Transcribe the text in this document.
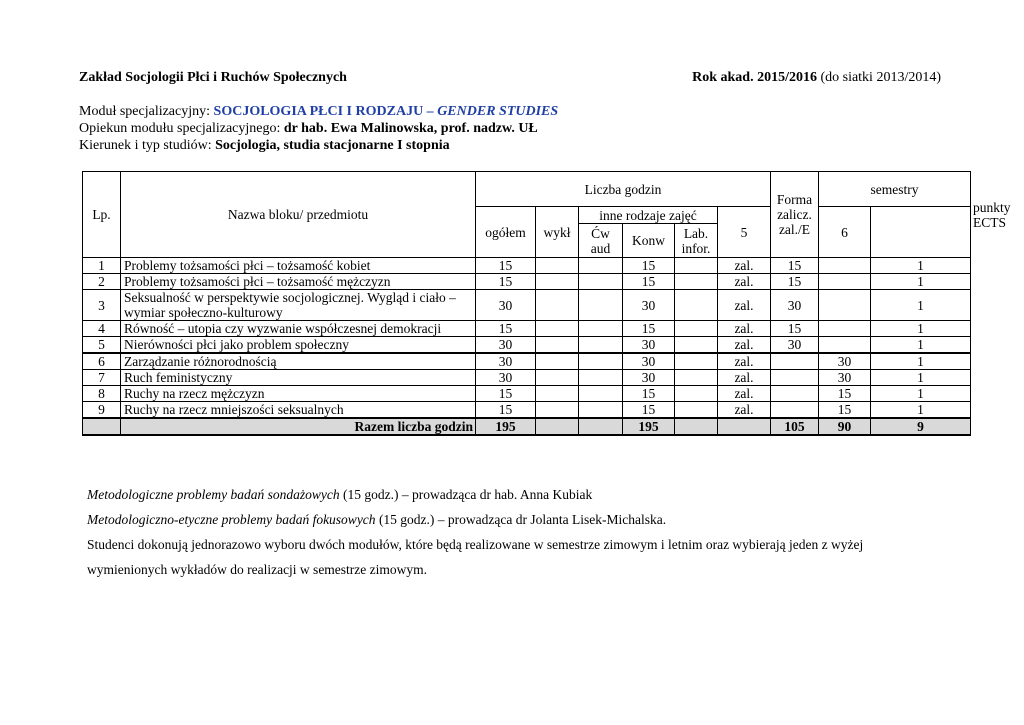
Zakład Socjologii Płci i Ruchów Społecznych	Rok akad. 2015/2016 (do siatki 2013/2014)
Moduł specjalizacyjny: SOCJOLOGIA PŁCI I RODZAJU – GENDER STUDIES
Opiekun modułu specjalizacyjnego: dr hab. Ewa Malinowska, prof. nadzw. UŁ
Kierunek i typ studiów: Socjologia, studia stacjonarne I stopnia
Lp.	Nazwa bloku/ przedmiotu	Liczba godzin						Forma zalicz. zal./E	semestry		punkty ECTS
		ogółem	wykł	inne rodzaje zajęć			5		6		
				Ćw aud	Konw	Lab. infor.					
1	Problemy tożsamości płci – tożsamość kobiet	15			15		zal.	15		1	
2	Problemy tożsamości płci – tożsamość mężczyzn	15			15		zal.	15		1	
3	Seksualność w perspektywie socjologicznej. Wygląd i ciało – wymiar społeczno-kulturowy	30			30		zal.	30		1	
4	Równość – utopia czy wyzwanie współczesnej demokracji	15			15		zal.	15		1	
5	Nierówności płci jako problem społeczny	30			30		zal.	30		1	
6	Zarządzanie różnorodnością	30			30		zal.		30	1	
7	Ruch feministyczny	30			30		zal.		30	1	
8	Ruchy na rzecz mężczyzn	15			15		zal.		15	1	
9	Ruchy na rzecz mniejszości seksualnych	15			15		zal.		15	1	
	Razem liczba godzin	195			195			105	90	9	
Metodologiczne problemy badań sondażowych (15 godz.) – prowadząca dr hab. Anna Kubiak
Metodologiczno-etyczne problemy badań fokusowych (15 godz.) – prowadząca dr Jolanta Lisek-Michalska.
Studenci dokonują jednorazowo wyboru dwóch modułów, które będą realizowane w semestrze zimowym i letnim oraz wybierają jeden z wyżej wymienionych wykładów do realizacji w semestrze zimowym.
